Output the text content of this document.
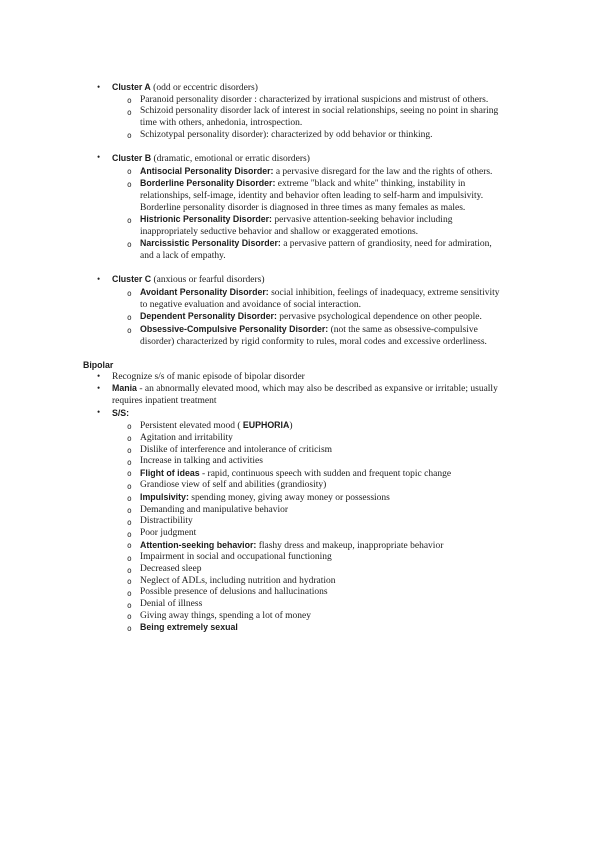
• Cluster A (odd or eccentric disorders)
o Paranoid personality disorder : characterized by irrational suspicions and mistrust of others.
o Schizoid personality disorder lack of interest in social relationships, seeing no point in sharing time with others, anhedonia, introspection.
o Schizotypal personality disorder): characterized by odd behavior or thinking.
• Cluster B (dramatic, emotional or erratic disorders)
o Antisocial Personality Disorder: a pervasive disregard for the law and the rights of others.
o Borderline Personality Disorder: extreme "black and white" thinking, instability in relationships, self-image, identity and behavior often leading to self-harm and impulsivity. Borderline personality disorder is diagnosed in three times as many females as males.
o Histrionic Personality Disorder: pervasive attention-seeking behavior including inappropriately seductive behavior and shallow or exaggerated emotions.
o Narcissistic Personality Disorder: a pervasive pattern of grandiosity, need for admiration, and a lack of empathy.
• Cluster C (anxious or fearful disorders)
o Avoidant Personality Disorder: social inhibition, feelings of inadequacy, extreme sensitivity to negative evaluation and avoidance of social interaction.
o Dependent Personality Disorder: pervasive psychological dependence on other people.
o Obsessive-Compulsive Personality Disorder: (not the same as obsessive-compulsive disorder) characterized by rigid conformity to rules, moral codes and excessive orderliness.
Bipolar
• Recognize s/s of manic episode of bipolar disorder
• Mania - an abnormally elevated mood, which may also be described as expansive or irritable; usually requires inpatient treatment
• S/S:
o Persistent elevated mood ( EUPHORIA)
o Agitation and irritability
o Dislike of interference and intolerance of criticism
o Increase in talking and activities
o Flight of ideas - rapid, continuous speech with sudden and frequent topic change
o Grandiose view of self and abilities (grandiosity)
o Impulsivity: spending money, giving away money or possessions
o Demanding and manipulative behavior
o Distractibility
o Poor judgment
o Attention-seeking behavior: flashy dress and makeup, inappropriate behavior
o Impairment in social and occupational functioning
o Decreased sleep
o Neglect of ADLs, including nutrition and hydration
o Possible presence of delusions and hallucinations
o Denial of illness
o Giving away things, spending a lot of money
o Being extremely sexual
